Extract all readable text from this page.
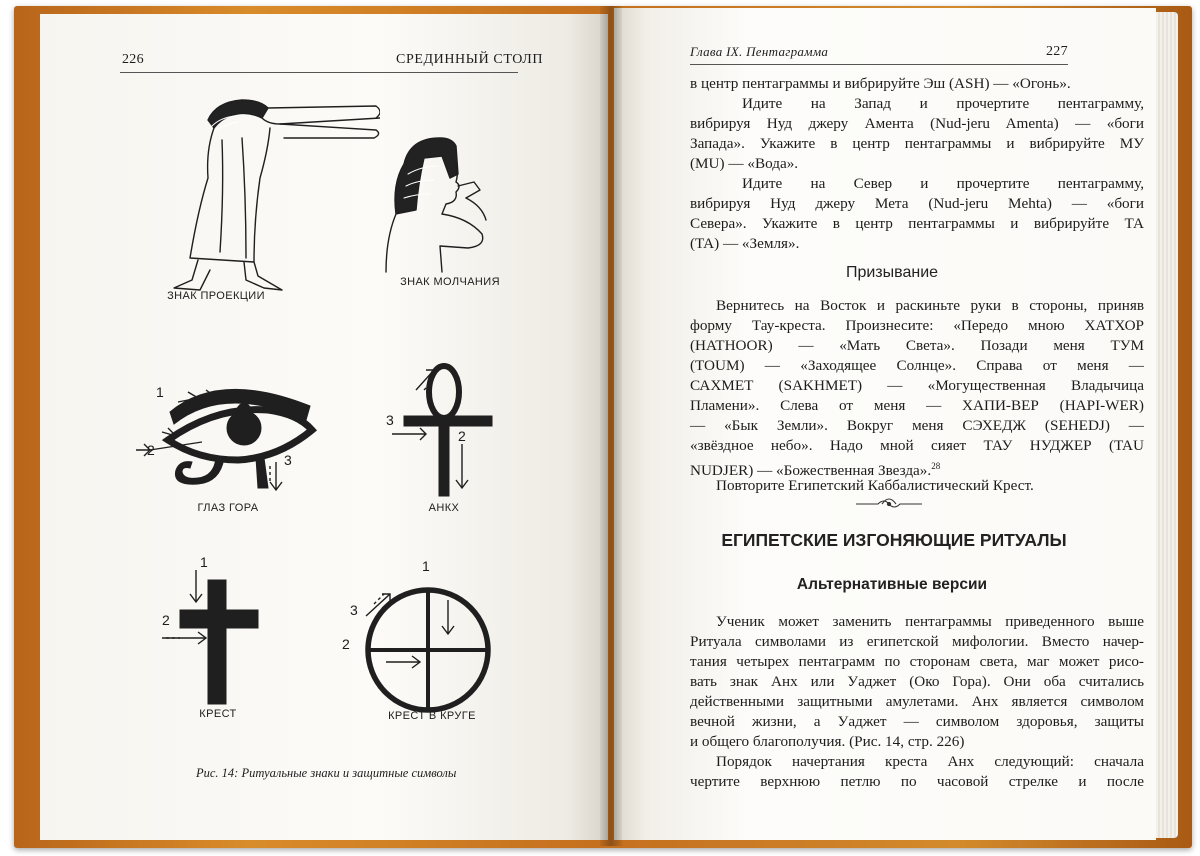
226	СРЕДИННЫЙ СТОЛП
ЗНАК ПРОЕКЦИИ
ЗНАК МОЛЧАНИЯ
1
2
3
ГЛАЗ ГОРА
3
2
АНКХ
1
2
КРЕСТ
1
2
3
КРЕСТ В КРУГЕ
Рис. 14: Ритуальные знаки и защитные символы
Глава IX. Пентаграмма	227
в центр пентаграммы и вибрируйте Эш (ASH) — «Огонь».
Идите на Запад и прочертите пентаграмму,
вибрируя Нуд джеру Амента (Nud-jeru Amenta) — «боги
Запада». Укажите в центр пентаграммы и вибрируйте МУ
(MU) — «Вода».
Идите на Север и прочертите пентаграмму,
вибрируя Нуд джеру Мета (Nud-jeru Mehta) — «боги
Севера». Укажите в центр пентаграммы и вибрируйте ТА
(TA) — «Земля».
Призывание
Вернитесь на Восток и раскиньте руки в стороны, приняв
форму Тау-креста. Произнесите: «Передо мною ХАТХОР
(HATHOOR) — «Мать Света». Позади меня ТУМ
(TOUM) — «Заходящее Солнце». Справа от меня —
САХМЕТ (SAKHMET) — «Могущественная Владычица
Пламени». Слева от меня — ХАПИ-ВЕР (HAPI-WER)
— «Бык Земли». Вокруг меня СЭХЕДЖ (SEHEDJ) —
«звёздное небо». Надо мной сияет ТАУ НУДЖЕР (TAU
NUDJER) — «Божественная Звезда».$^{28}$
Повторите Египетский Каббалистический Крест.
ЕГИПЕТСКИЕ ИЗГОНЯЮЩИЕ РИТУАЛЫ
Альтернативные версии
Ученик может заменить пентаграммы приведенного выше
Ритуала символами из египетской мифологии. Вместо начер-
тания четырех пентаграмм по сторонам света, маг может рисо-
вать знак Анх или Уаджет (Око Гора). Они оба считались
действенными защитными амулетами. Анх является символом
вечной жизни, а Уаджет — символом здоровья, защиты
и общего благополучия. (Рис. 14, стр. 226)
Порядок начертания креста Анх следующий: сначала
чертите верхнюю петлю по часовой стрелке и после
